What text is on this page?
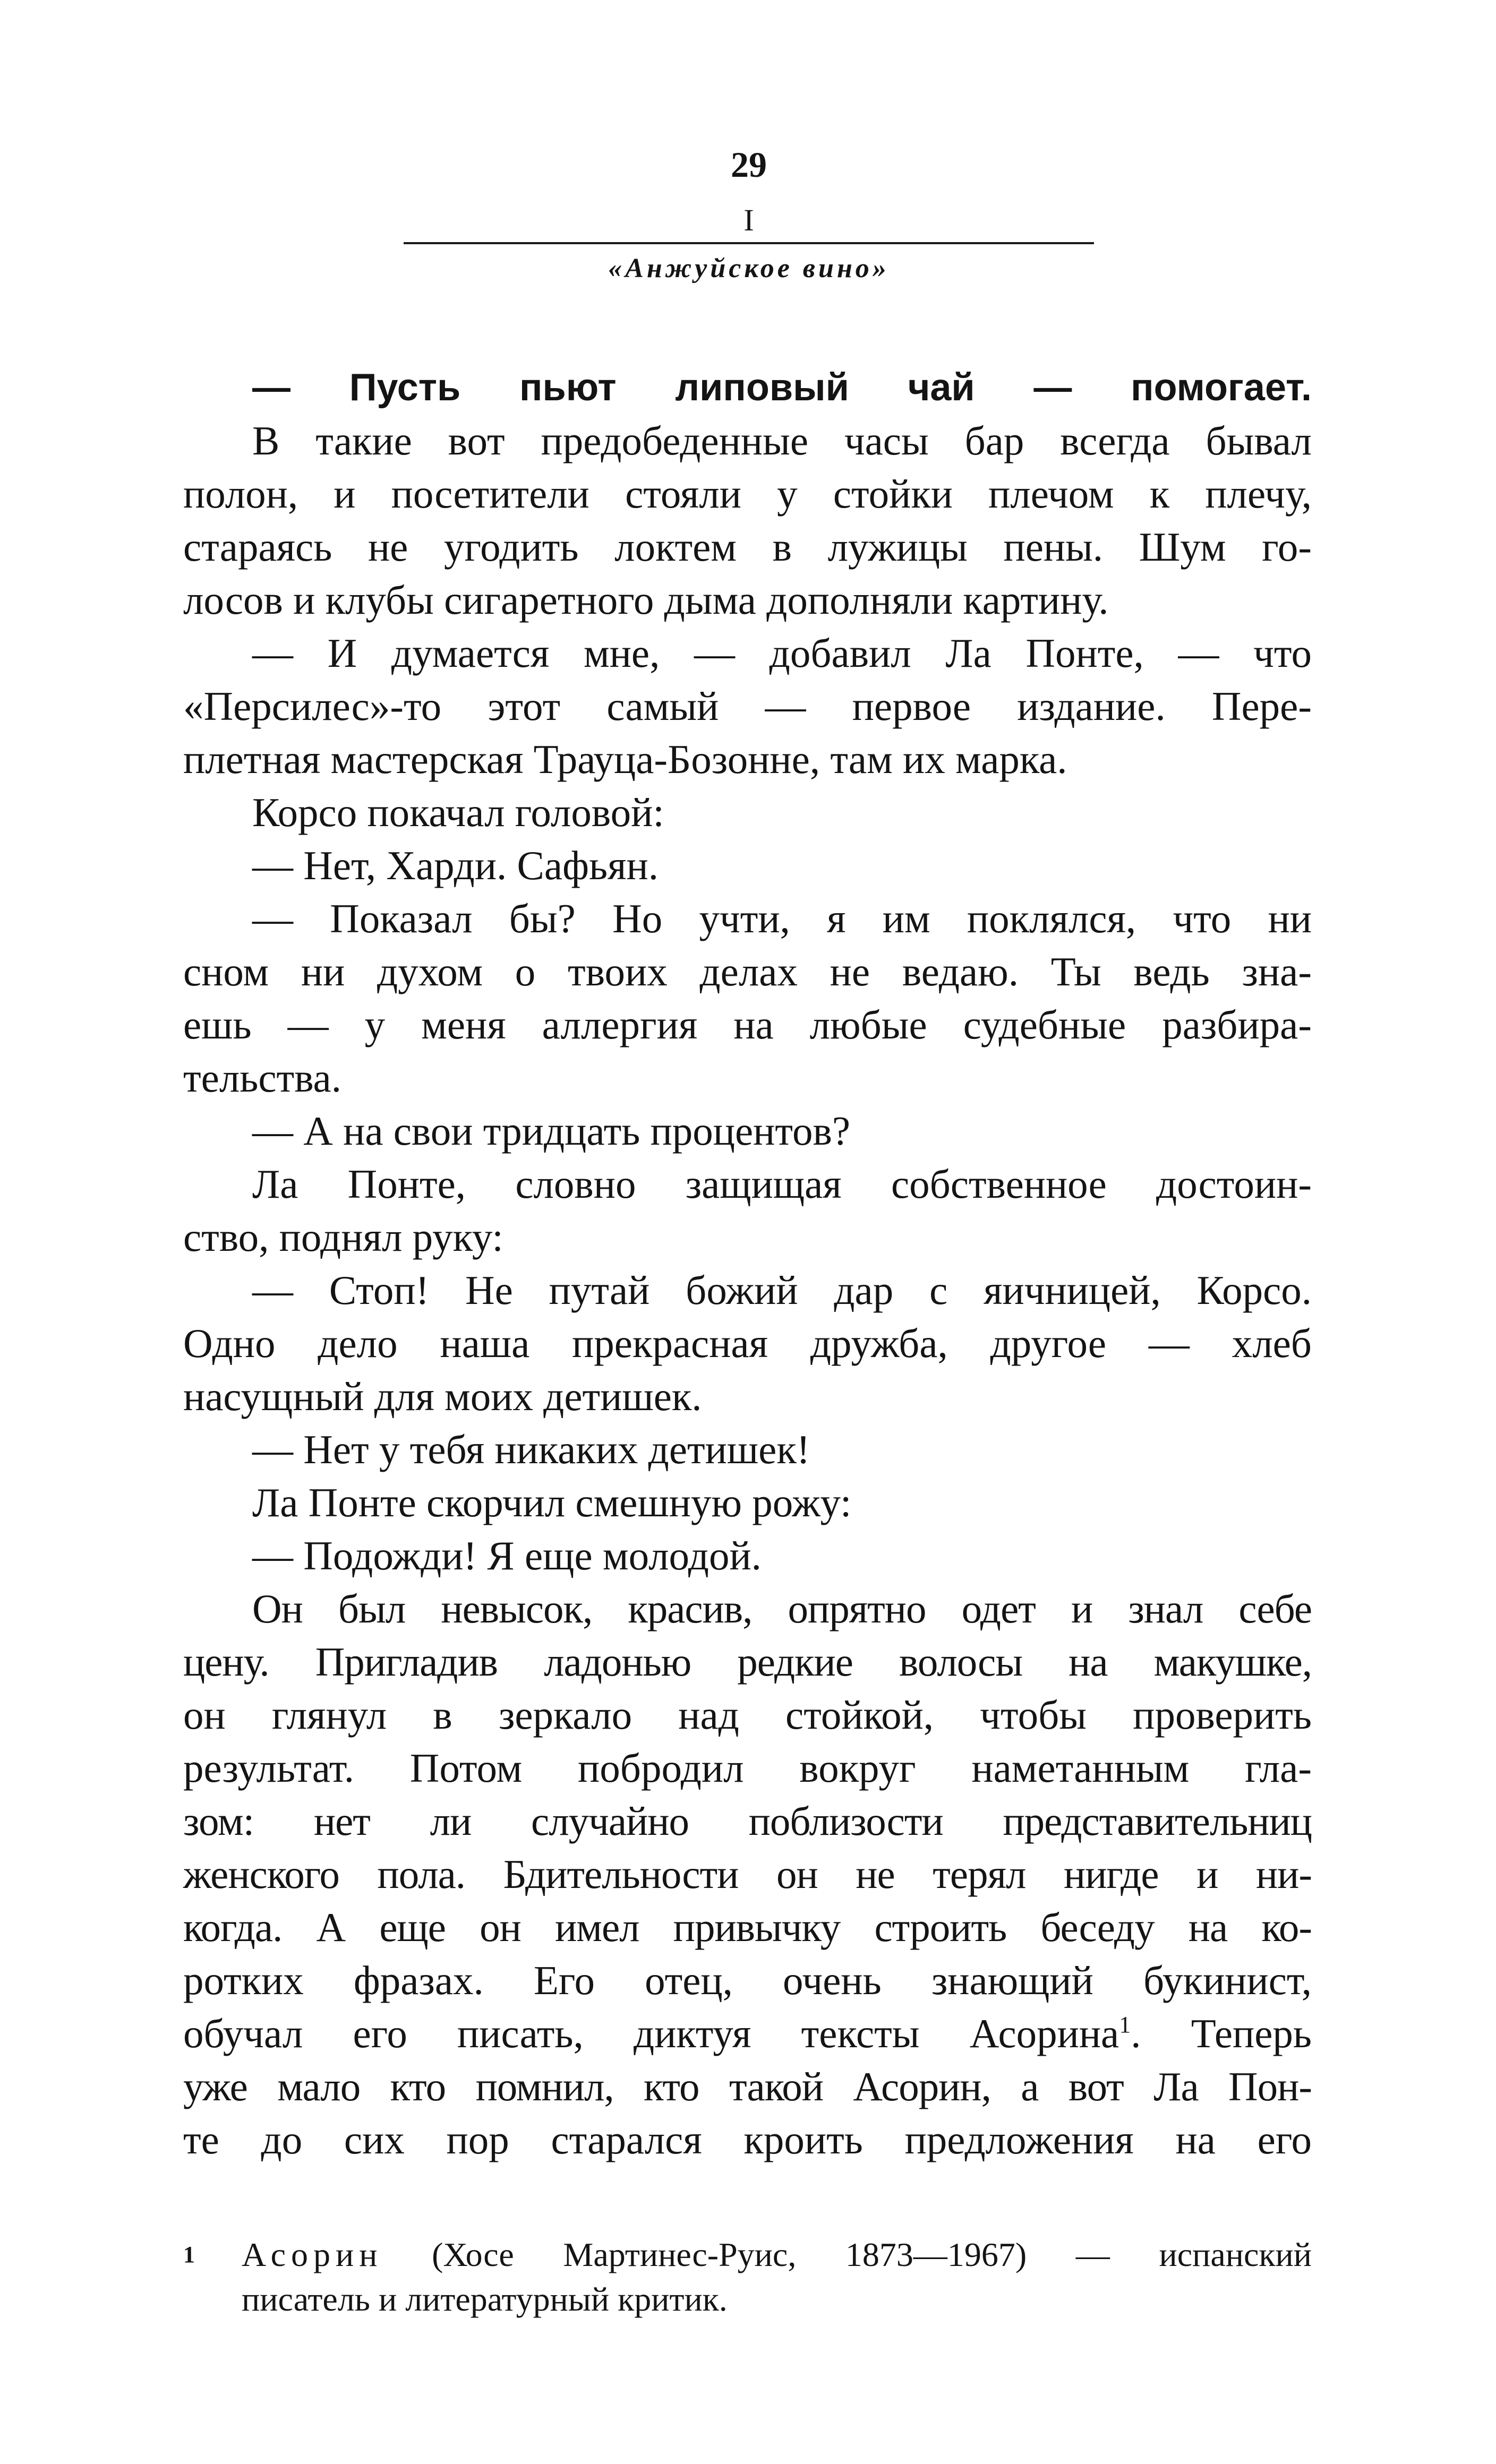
29
I
«Анжуйское вино»
— Пусть пьют липовый чай — помогает.
В такие вот предобеденные часы бар всегда бывал
полон, и посетители стояли у стойки плечом к плечу,
стараясь не угодить локтем в лужицы пены. Шум го-
лосов и клубы сигаретного дыма дополняли картину.
— И думается мне, — добавил Ла Понте, — что
«Персилес»-то этот самый — первое издание. Пере-
плетная мастерская Трауца-Бозонне, там их марка.
Корсо покачал головой:
— Нет, Харди. Сафьян.
— Показал бы? Но учти, я им поклялся, что ни
сном ни духом о твоих делах не ведаю. Ты ведь зна-
ешь — у меня аллергия на любые судебные разбира-
тельства.
— А на свои тридцать процентов?
Ла Понте, словно защищая собственное достоин-
ство, поднял руку:
— Стоп! Не путай божий дар с яичницей, Корсо.
Одно дело наша прекрасная дружба, другое — хлеб
насущный для моих детишек.
— Нет у тебя никаких детишек!
Ла Понте скорчил смешную рожу:
— Подожди! Я еще молодой.
Он был невысок, красив, опрятно одет и знал себе
цену. Пригладив ладонью редкие волосы на макушке,
он глянул в зеркало над стойкой, чтобы проверить
результат. Потом побродил вокруг наметанным гла-
зом: нет ли случайно поблизости представительниц
женского пола. Бдительности он не терял нигде и ни-
когда. А еще он имел привычку строить беседу на ко-
ротких фразах. Его отец, очень знающий букинист,
обучал его писать, диктуя тексты Асорина$^1$. Теперь
уже мало кто помнил, кто такой Асорин, а вот Ла Пон-
те до сих пор старался кроить предложения на его
1 Асорин (Хосе Мартинес-Руис, 1873—1967) — испанский
писатель и литературный критик.
